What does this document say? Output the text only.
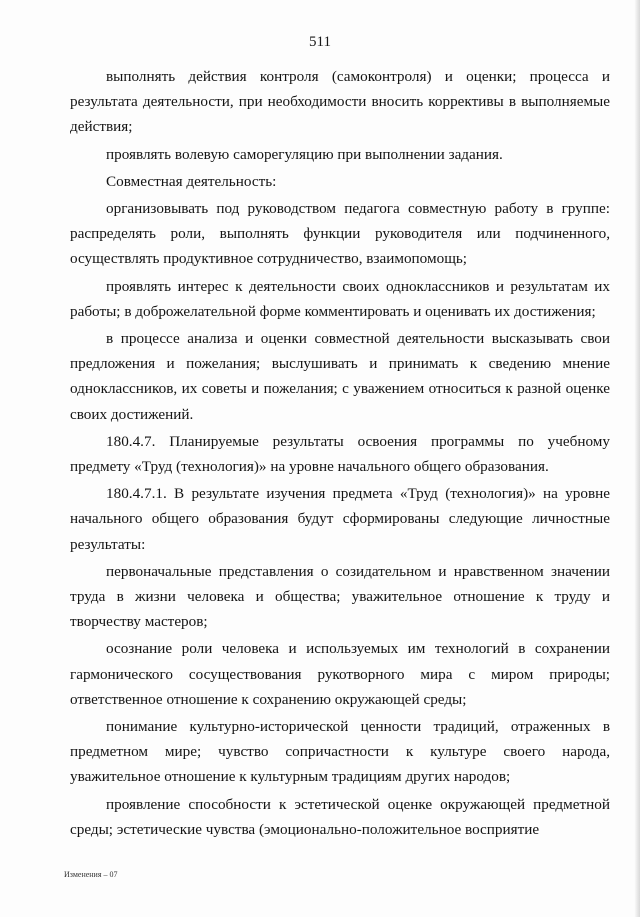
511

выполнять действия контроля (самоконтроля) и оценки; процесса и результата деятельности, при необходимости вносить коррективы в выполняемые действия;

проявлять волевую саморегуляцию при выполнении задания.

Совместная деятельность:

организовывать под руководством педагога совместную работу в группе: распределять роли, выполнять функции руководителя или подчиненного, осуществлять продуктивное сотрудничество, взаимопомощь;

проявлять интерес к деятельности своих одноклассников и результатам их работы; в доброжелательной форме комментировать и оценивать их достижения;

в процессе анализа и оценки совместной деятельности высказывать свои предложения и пожелания; выслушивать и принимать к сведению мнение одноклассников, их советы и пожелания; с уважением относиться к разной оценке своих достижений.

180.4.7. Планируемые результаты освоения программы по учебному предмету «Труд (технология)» на уровне начального общего образования.

180.4.7.1. В результате изучения предмета «Труд (технология)» на уровне начального общего образования будут сформированы следующие личностные результаты:

первоначальные представления о созидательном и нравственном значении труда в жизни человека и общества; уважительное отношение к труду и творчеству мастеров;

осознание роли человека и используемых им технологий в сохранении гармонического сосуществования рукотворного мира с миром природы; ответственное отношение к сохранению окружающей среды;

понимание культурно-исторической ценности традиций, отраженных в предметном мире; чувство сопричастности к культуре своего народа, уважительное отношение к культурным традициям других народов;

проявление способности к эстетической оценке окружающей предметной среды; эстетические чувства (эмоционально-положительное восприятие

Изменения – 07
